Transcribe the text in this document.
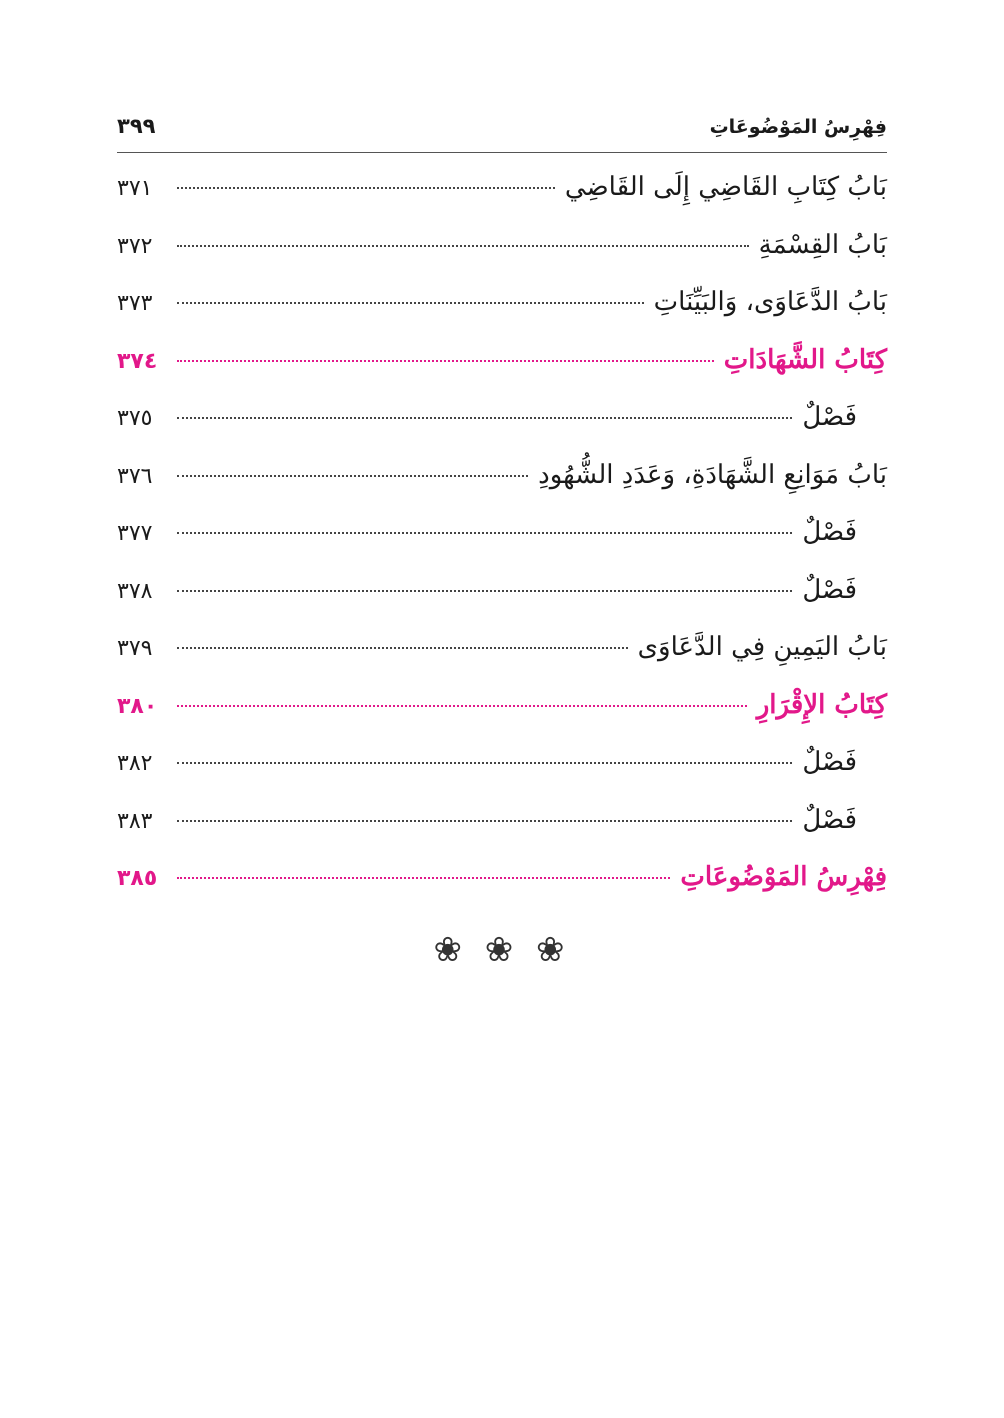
فِهْرِسُ المَوْضُوعَاتِ
٣٩٩
بَابُ كِتَابِ القَاضِي إِلَى القَاضِي
٣٧١
بَابُ القِسْمَةِ
٣٧٢
بَابُ الدَّعَاوَى، وَالبَيِّنَاتِ
٣٧٣
كِتَابُ الشَّهَادَاتِ
٣٧٤
فَصْلٌ
٣٧٥
بَابُ مَوَانِعِ الشَّهَادَةِ، وَعَدَدِ الشُّهُودِ
٣٧٦
فَصْلٌ
٣٧٧
فَصْلٌ
٣٧٨
بَابُ اليَمِينِ فِي الدَّعَاوَى
٣٧٩
كِتَابُ الإِقْرَارِ
٣٨٠
فَصْلٌ
٣٨٢
فَصْلٌ
٣٨٣
فِهْرِسُ المَوْضُوعَاتِ
٣٨٥
❀ ❀ ❀
